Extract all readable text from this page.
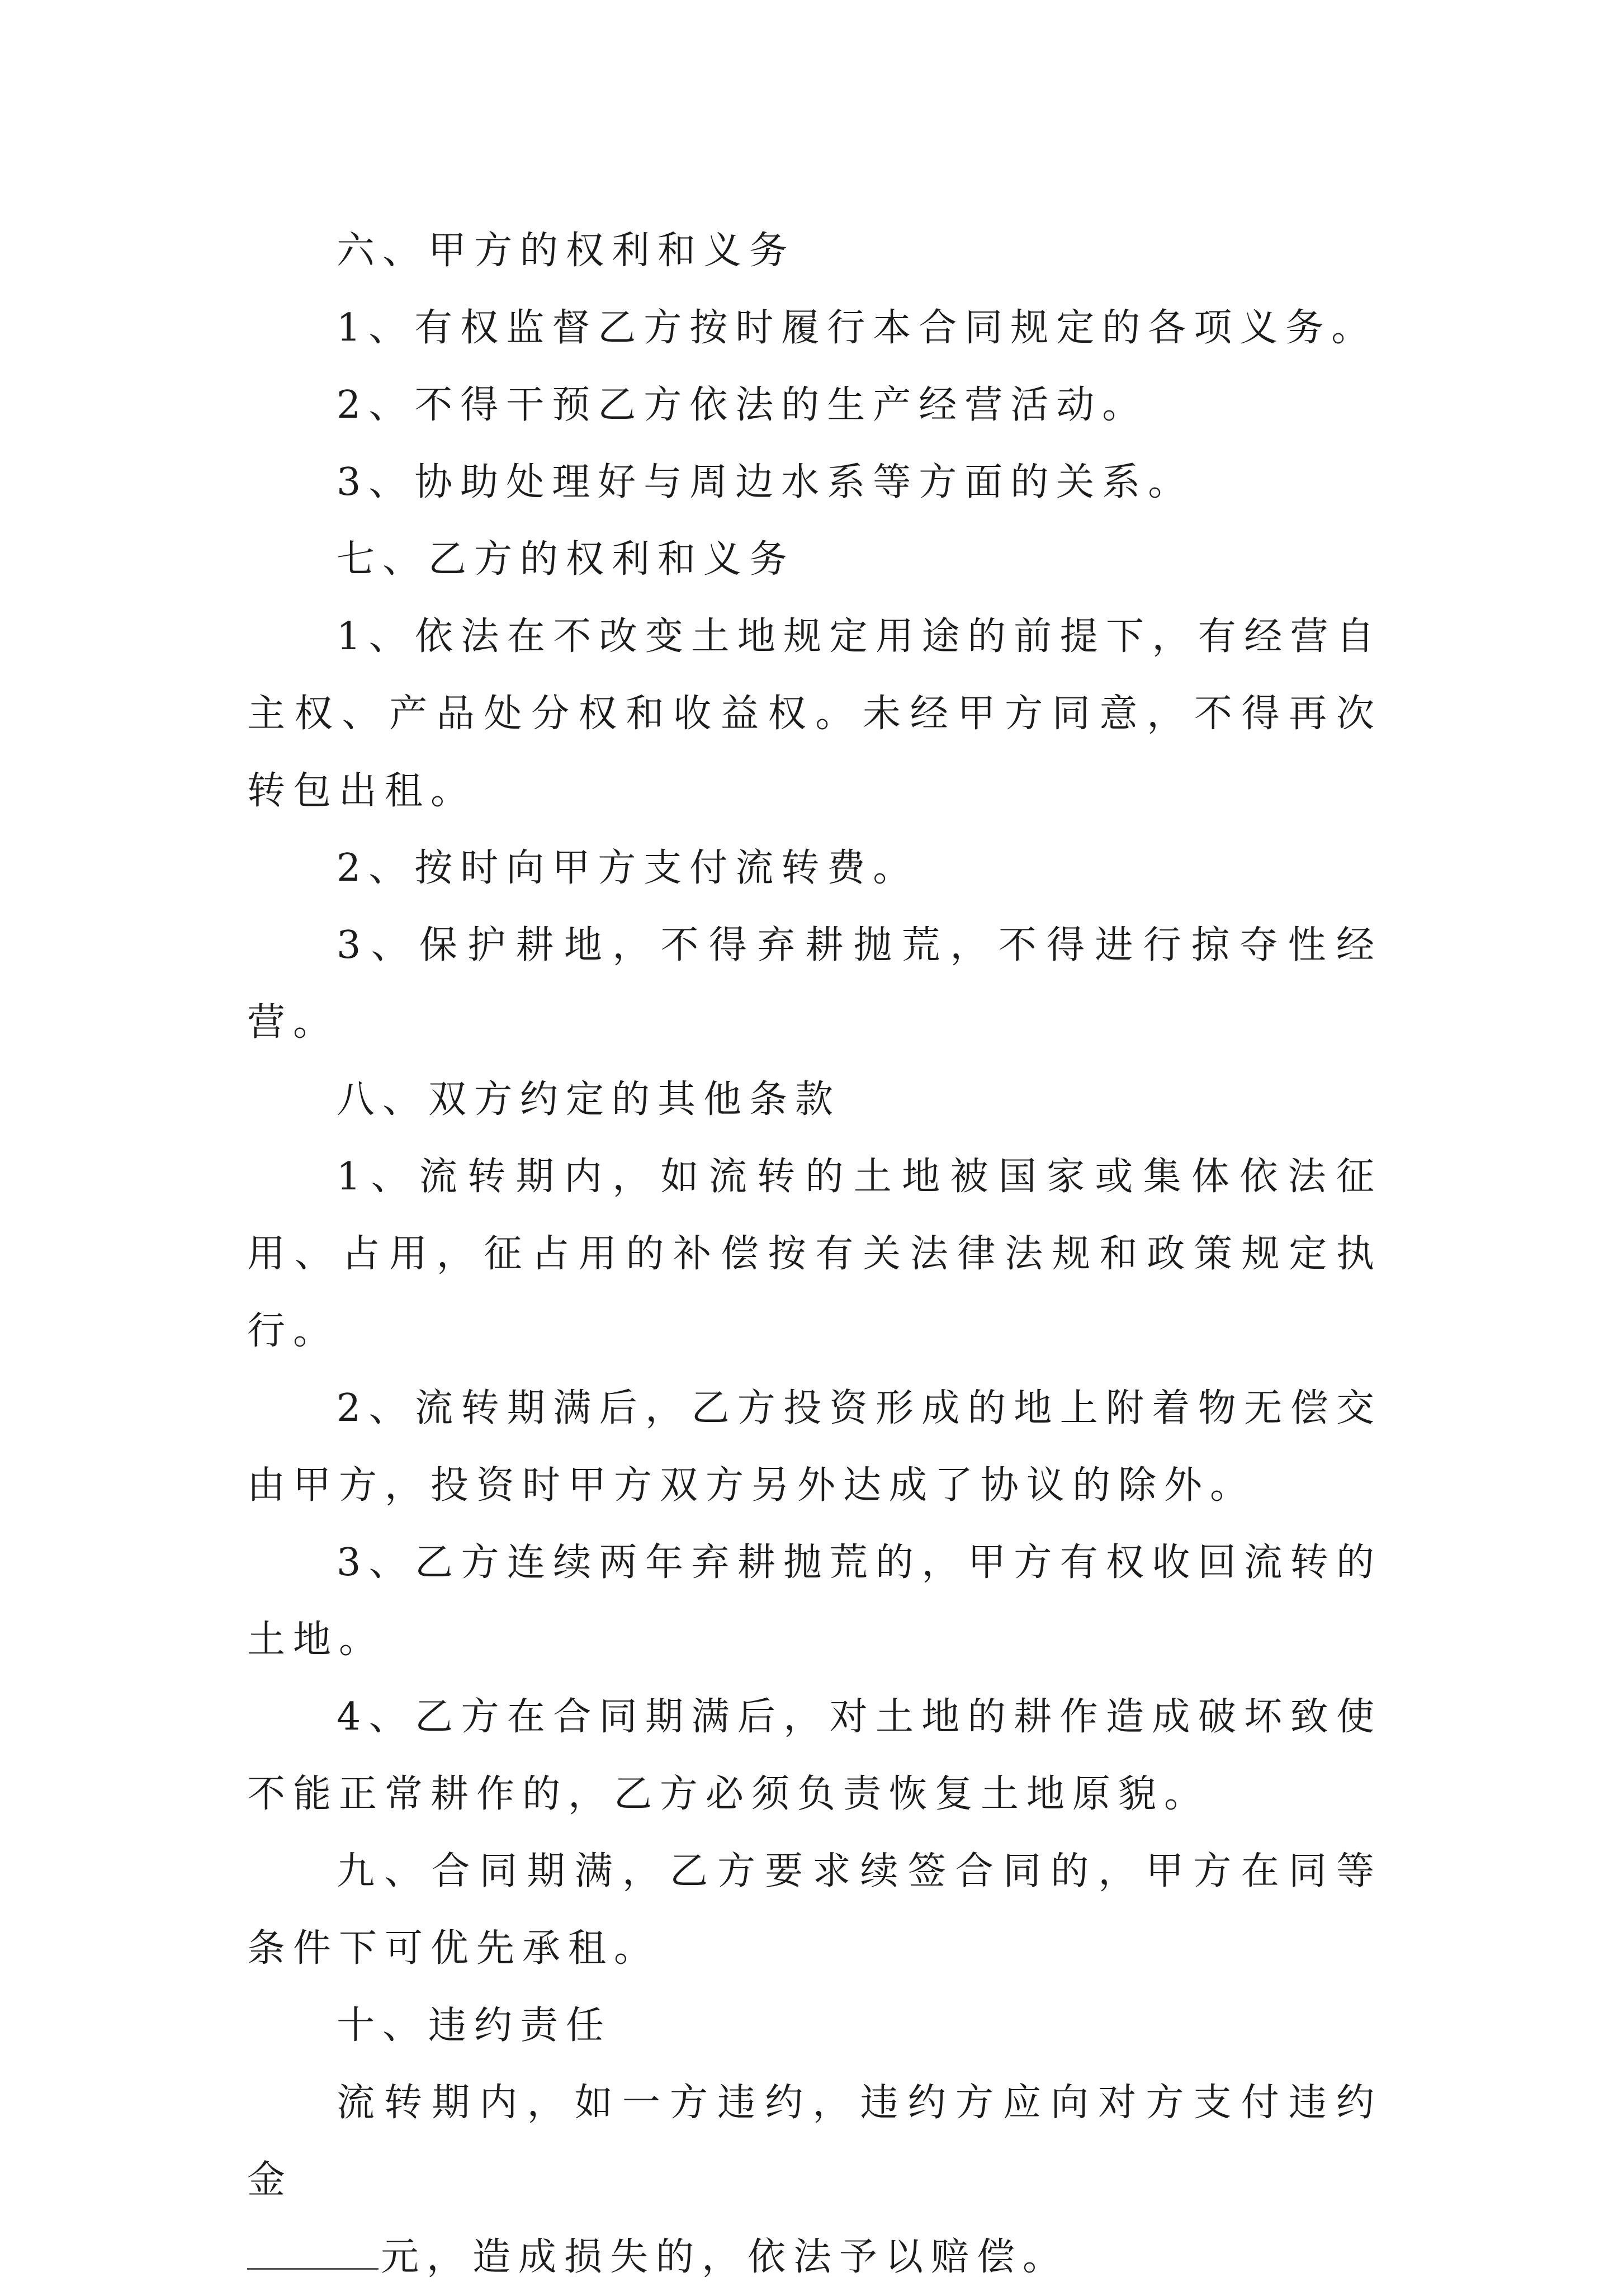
六、甲方的权利和义务

1、有权监督乙方按时履行本合同规定的各项义务。

2、不得干预乙方依法的生产经营活动。

3、协助处理好与周边水系等方面的关系。

七、乙方的权利和义务

1、依法在不改变土地规定用途的前提下，有经营自主权、产品处分权和收益权。未经甲方同意，不得再次转包出租。

2、按时向甲方支付流转费。

3、保护耕地，不得弃耕抛荒，不得进行掠夺性经营。

八、双方约定的其他条款

1、流转期内，如流转的土地被国家或集体依法征用、占用，征占用的补偿按有关法律法规和政策规定执行。

2、流转期满后，乙方投资形成的地上附着物无偿交由甲方，投资时甲方双方另外达成了协议的除外。

3、乙方连续两年弃耕抛荒的，甲方有权收回流转的土地。

4、乙方在合同期满后，对土地的耕作造成破坏致使不能正常耕作的，乙方必须负责恢复土地原貌。

九、合同期满，乙方要求续签合同的，甲方在同等条件下可优先承租。

十、违约责任

流转期内，如一方违约，违约方应向对方支付违约金

元，造成损失的，依法予以赔偿。
